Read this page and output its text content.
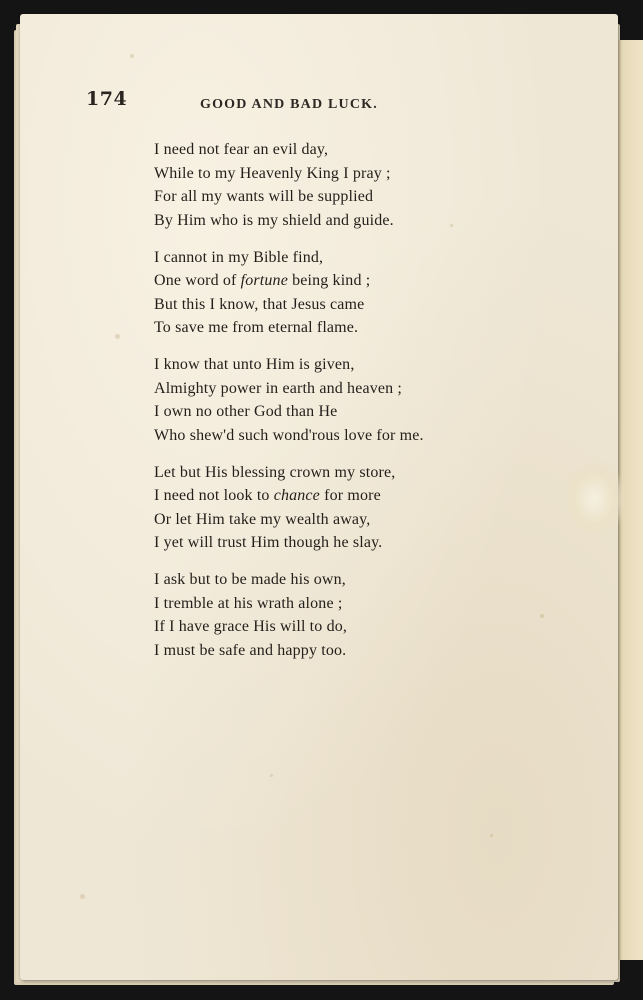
174	GOOD AND BAD LUCK.
I need not fear an evil day,
While to my Heavenly King I pray ;
For all my wants will be supplied
By Him who is my shield and guide.
I cannot in my Bible find,
One word of fortune being kind ;
But this I know, that Jesus came
To save me from eternal flame.
I know that unto Him is given,
Almighty power in earth and heaven ;
I own no other God than He
Who shew'd such wond'rous love for me.
Let but His blessing crown my store,
I need not look to chance for more
Or let Him take my wealth away,
I yet will trust Him though he slay.
I ask but to be made his own,
I tremble at his wrath alone ;
If I have grace His will to do,
I must be safe and happy too.
